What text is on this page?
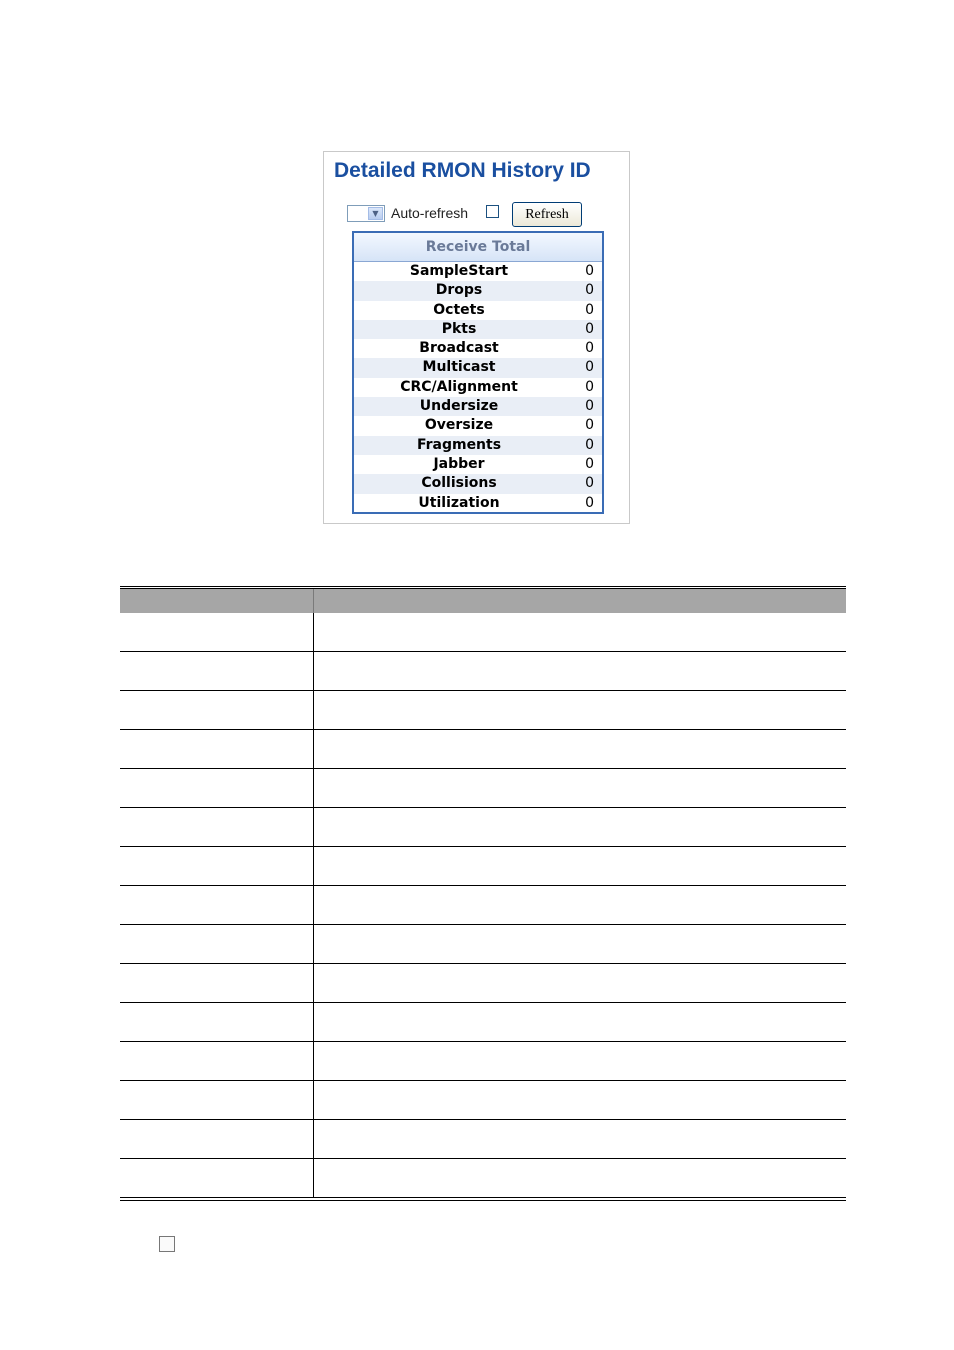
Detailed RMON History ID
▼ Auto-refresh	Refresh
Receive Total
SampleStart	0
Drops	0
Octets	0
Pkts	0
Broadcast	0
Multicast	0
CRC/Alignment	0
Undersize	0
Oversize	0
Fragments	0
Jabber	0
Collisions	0
Utilization	0
